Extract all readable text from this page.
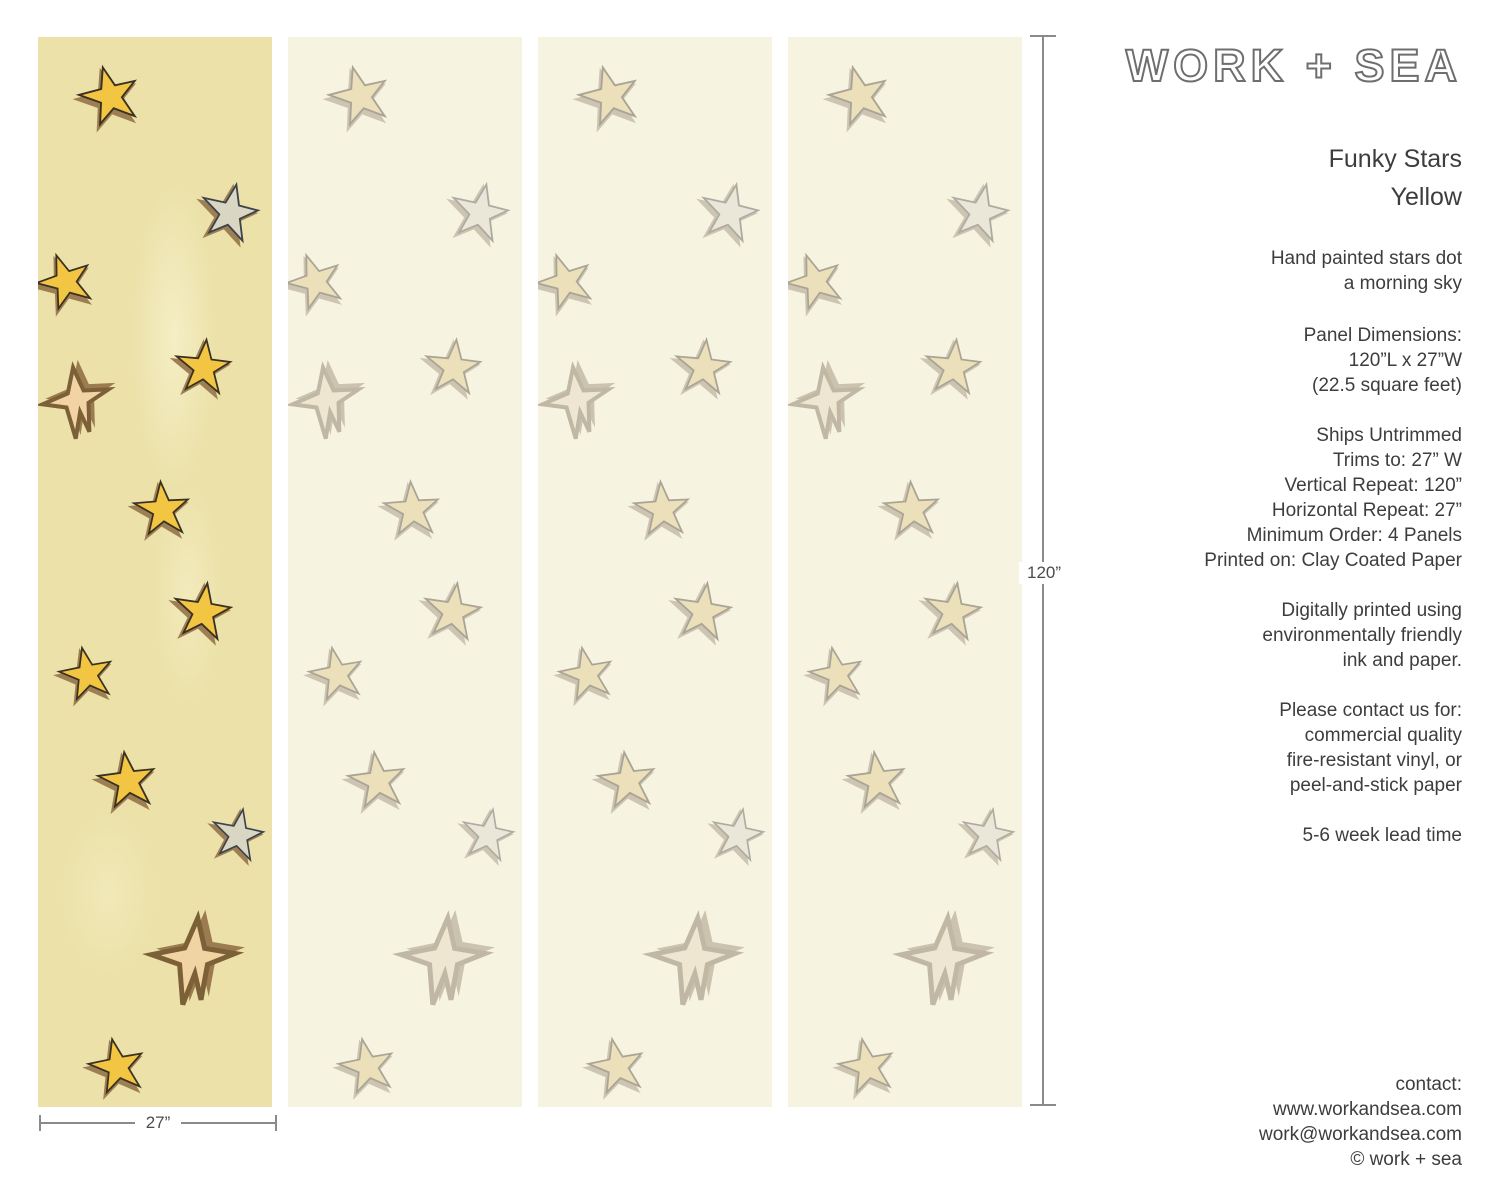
120”
27”
WORK + SEA
Funky Stars
Yellow
Hand painted stars dot
a morning sky
Panel Dimensions:
120”L x 27”W
(22.5 square feet)
Ships Untrimmed
Trims to: 27” W
Vertical Repeat: 120”
Horizontal Repeat: 27”
Minimum Order: 4 Panels
Printed on: Clay Coated Paper
Digitally printed using
environmentally friendly
ink and paper.
Please contact us for:
commercial quality
fire-resistant vinyl, or
peel-and-stick paper
5-6 week lead time
contact:
www.workandsea.com
work@workandsea.com
© work + sea
